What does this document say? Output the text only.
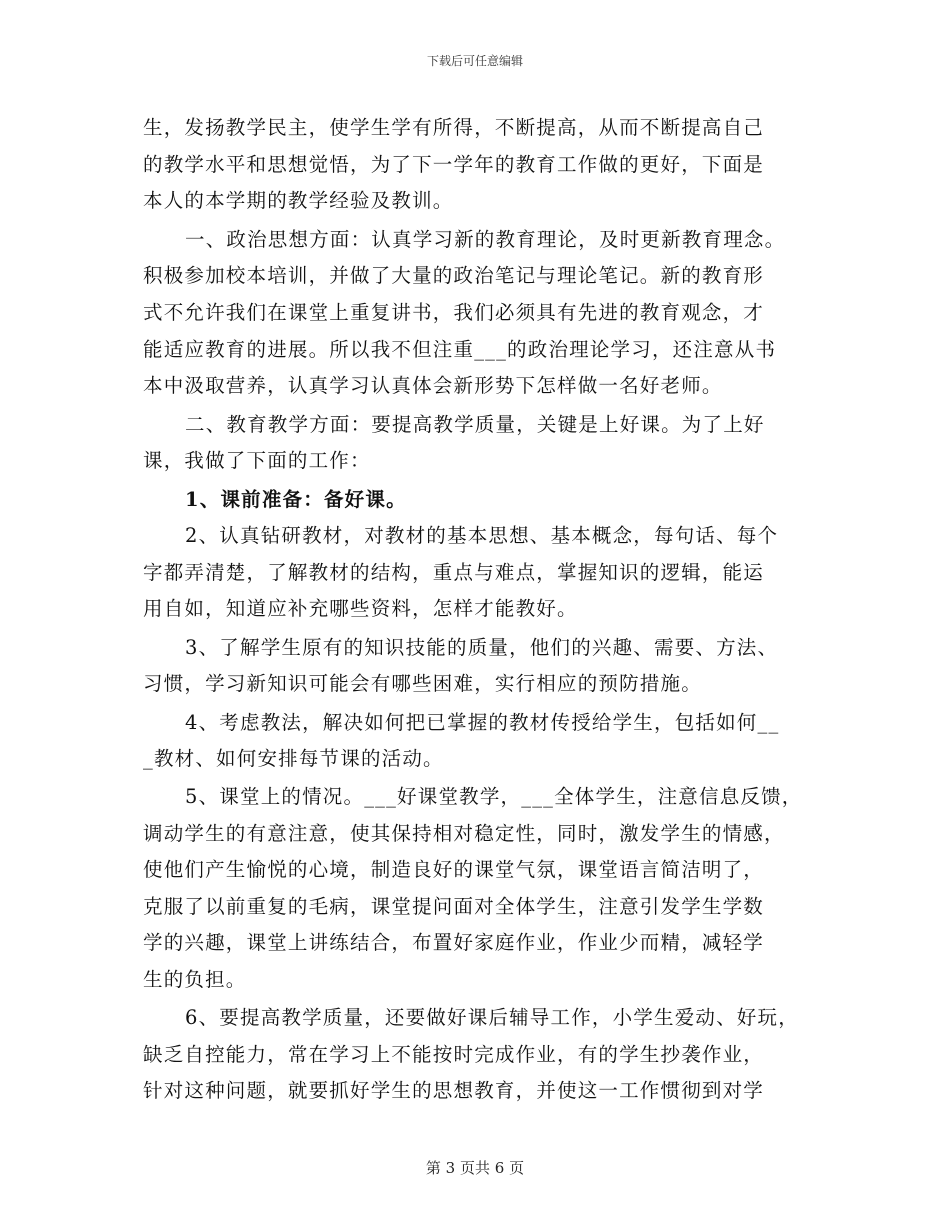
下载后可任意编辑
生，发扬教学民主，使学生学有所得，不断提高，从而不断提高自己
的教学水平和思想觉悟，为了下一学年的教育工作做的更好，下面是
本人的本学期的教学经验及教训。
一、政治思想方面：认真学习新的教育理论，及时更新教育理念。
积极参加校本培训，并做了大量的政治笔记与理论笔记。新的教育形
式不允许我们在课堂上重复讲书，我们必须具有先进的教育观念，才
能适应教育的进展。所以我不但注重___的政治理论学习，还注意从书
本中汲取营养，认真学习认真体会新形势下怎样做一名好老师。
二、教育教学方面：要提高教学质量，关键是上好课。为了上好
课，我做了下面的工作：
1、课前准备：备好课。
2、认真钻研教材，对教材的基本思想、基本概念，每句话、每个
字都弄清楚，了解教材的结构，重点与难点，掌握知识的逻辑，能运
用自如，知道应补充哪些资料，怎样才能教好。
3、了解学生原有的知识技能的质量，他们的兴趣、需要、方法、
习惯，学习新知识可能会有哪些困难，实行相应的预防措施。
4、考虑教法，解决如何把已掌握的教材传授给学生，包括如何__
_教材、如何安排每节课的活动。
5、课堂上的情况。___好课堂教学，___全体学生，注意信息反馈，
调动学生的有意注意，使其保持相对稳定性，同时，激发学生的情感，
使他们产生愉悦的心境，制造良好的课堂气氛，课堂语言简洁明了，
克服了以前重复的毛病，课堂提问面对全体学生，注意引发学生学数
学的兴趣，课堂上讲练结合，布置好家庭作业，作业少而精，减轻学
生的负担。
6、要提高教学质量，还要做好课后辅导工作，小学生爱动、好玩，
缺乏自控能力，常在学习上不能按时完成作业，有的学生抄袭作业，
针对这种问题，就要抓好学生的思想教育，并使这一工作惯彻到对学
第 3 页共 6 页
